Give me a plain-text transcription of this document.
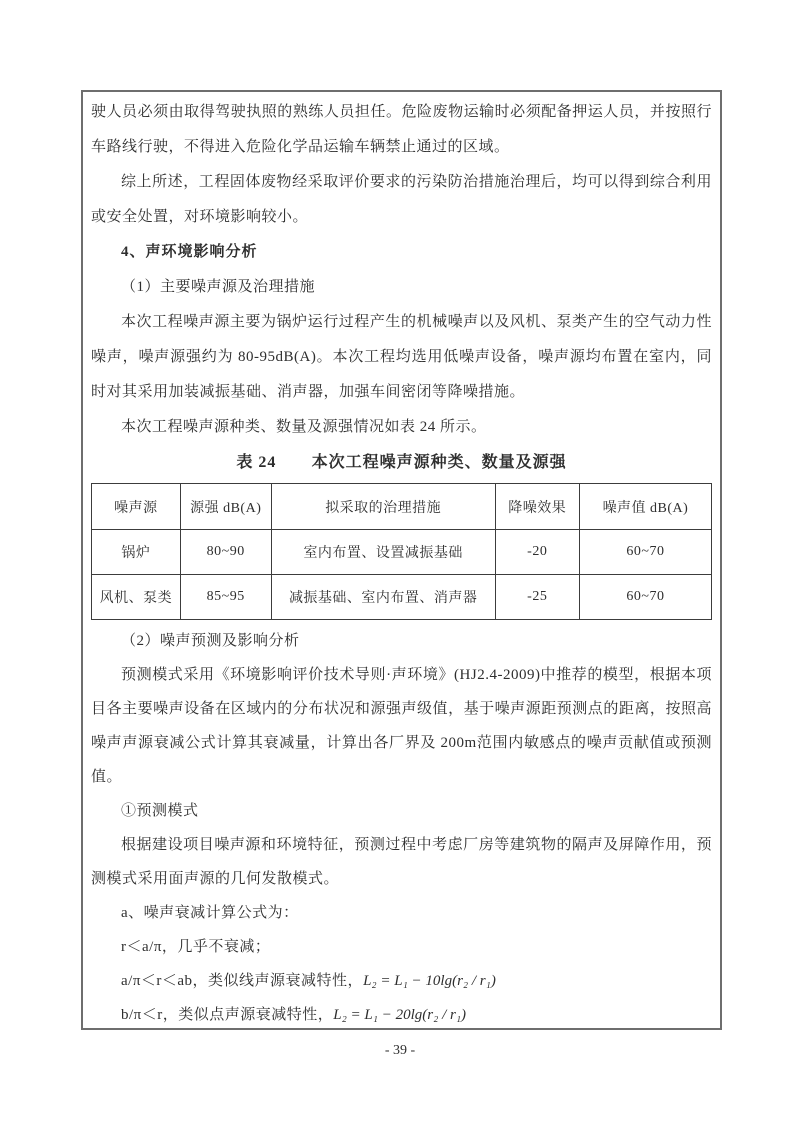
驶人员必须由取得驾驶执照的熟练人员担任。危险废物运输时必须配备押运人员，并按照行车路线行驶，不得进入危险化学品运输车辆禁止通过的区域。

综上所述，工程固体废物经采取评价要求的污染防治措施治理后，均可以得到综合利用或安全处置，对环境影响较小。

4、声环境影响分析

（1）主要噪声源及治理措施

本次工程噪声源主要为锅炉运行过程产生的机械噪声以及风机、泵类产生的空气动力性噪声，噪声源强约为 80-95dB(A)。本次工程均选用低噪声设备，噪声源均布置在室内，同时对其采用加装减振基础、消声器，加强车间密闭等降噪措施。

本次工程噪声源种类、数量及源强情况如表 24 所示。

表 24 本次工程噪声源种类、数量及源强
噪声源	源强 dB(A)	拟采取的治理措施	降噪效果	噪声值 dB(A)
锅炉	80~90	室内布置、设置减振基础	-20	60~70
风机、泵类	85~95	减振基础、室内布置、消声器	-25	60~70

（2）噪声预测及影响分析

预测模式采用《环境影响评价技术导则·声环境》(HJ2.4-2009)中推荐的模型，根据本项目各主要噪声设备在区域内的分布状况和源强声级值，基于噪声源距预测点的距离，按照高噪声声源衰减公式计算其衰减量，计算出各厂界及 200m范围内敏感点的噪声贡献值或预测值。

①预测模式

根据建设项目噪声源和环境特征，预测过程中考虑厂房等建筑物的隔声及屏障作用，预测模式采用面声源的几何发散模式。

a、噪声衰减计算公式为：

r＜a/π，几乎不衰减；

a/π＜r＜ab，类似线声源衰减特性，L₂ = L₁ − 10lg(r₂ / r₁)

b/π＜r，类似点声源衰减特性，L₂ = L₁ − 20lg(r₂ / r₁)

- 39 -
